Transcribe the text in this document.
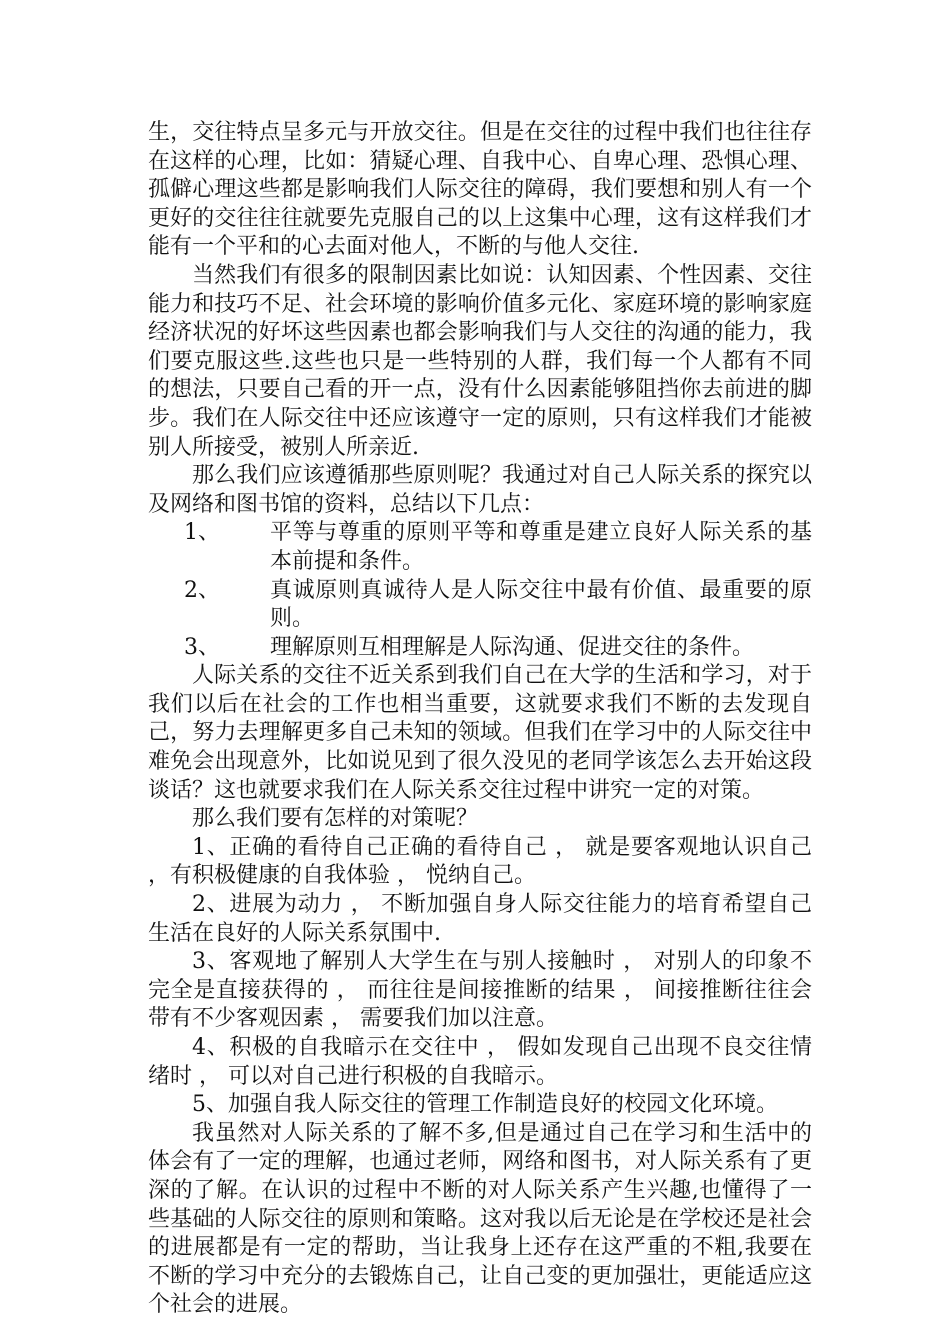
生，交往特点呈多元与开放交往。但是在交往的过程中我们也往往存在这样的心理，比如：猜疑心理、自我中心、自卑心理、恐惧心理、孤僻心理这些都是影响我们人际交往的障碍，我们要想和别人有一个更好的交往往往就要先克服自己的以上这集中心理，这有这样我们才能有一个平和的心去面对他人，不断的与他人交往.

当然我们有很多的限制因素比如说：认知因素、个性因素、交往能力和技巧不足、社会环境的影响价值多元化、家庭环境的影响家庭经济状况的好坏这些因素也都会影响我们与人交往的沟通的能力，我们要克服这些.这些也只是一些特别的人群，我们每一个人都有不同的想法，只要自己看的开一点，没有什么因素能够阻挡你去前进的脚步。我们在人际交往中还应该遵守一定的原则，只有这样我们才能被别人所接受，被别人所亲近.

那么我们应该遵循那些原则呢？我通过对自己人际关系的探究以及网络和图书馆的资料，总结以下几点：

1、	平等与尊重的原则平等和尊重是建立良好人际关系的基本前提和条件。
2、	真诚原则真诚待人是人际交往中最有价值、最重要的原则。
3、	理解原则互相理解是人际沟通、促进交往的条件。

人际关系的交往不近关系到我们自己在大学的生活和学习，对于我们以后在社会的工作也相当重要，这就要求我们不断的去发现自己，努力去理解更多自己未知的领域。但我们在学习中的人际交往中难免会出现意外，比如说见到了很久没见的老同学该怎么去开始这段谈话？这也就要求我们在人际关系交往过程中讲究一定的对策。

那么我们要有怎样的对策呢？

1、正确的看待自己正确的看待自己 ， 就是要客观地认识自己 ，有积极健康的自我体验 ， 悦纳自己。

2、进展为动力 ， 不断加强自身人际交往能力的培育希望自己生活在良好的人际关系氛围中.

3、客观地了解别人大学生在与别人接触时 ， 对别人的印象不完全是直接获得的 ， 而往往是间接推断的结果 ， 间接推断往往会带有不少客观因素 ， 需要我们加以注意。

4、积极的自我暗示在交往中 ， 假如发现自己出现不良交往情绪时 ， 可以对自己进行积极的自我暗示。

5、加强自我人际交往的管理工作制造良好的校园文化环境。

我虽然对人际关系的了解不多,但是通过自己在学习和生活中的体会有了一定的理解，也通过老师，网络和图书，对人际关系有了更深的了解。在认识的过程中不断的对人际关系产生兴趣,也懂得了一些基础的人际交往的原则和策略。这对我以后无论是在学校还是社会的进展都是有一定的帮助，当让我身上还存在这严重的不粗,我要在不断的学习中充分的去锻炼自己，让自己变的更加强壮，更能适应这个社会的进展。
